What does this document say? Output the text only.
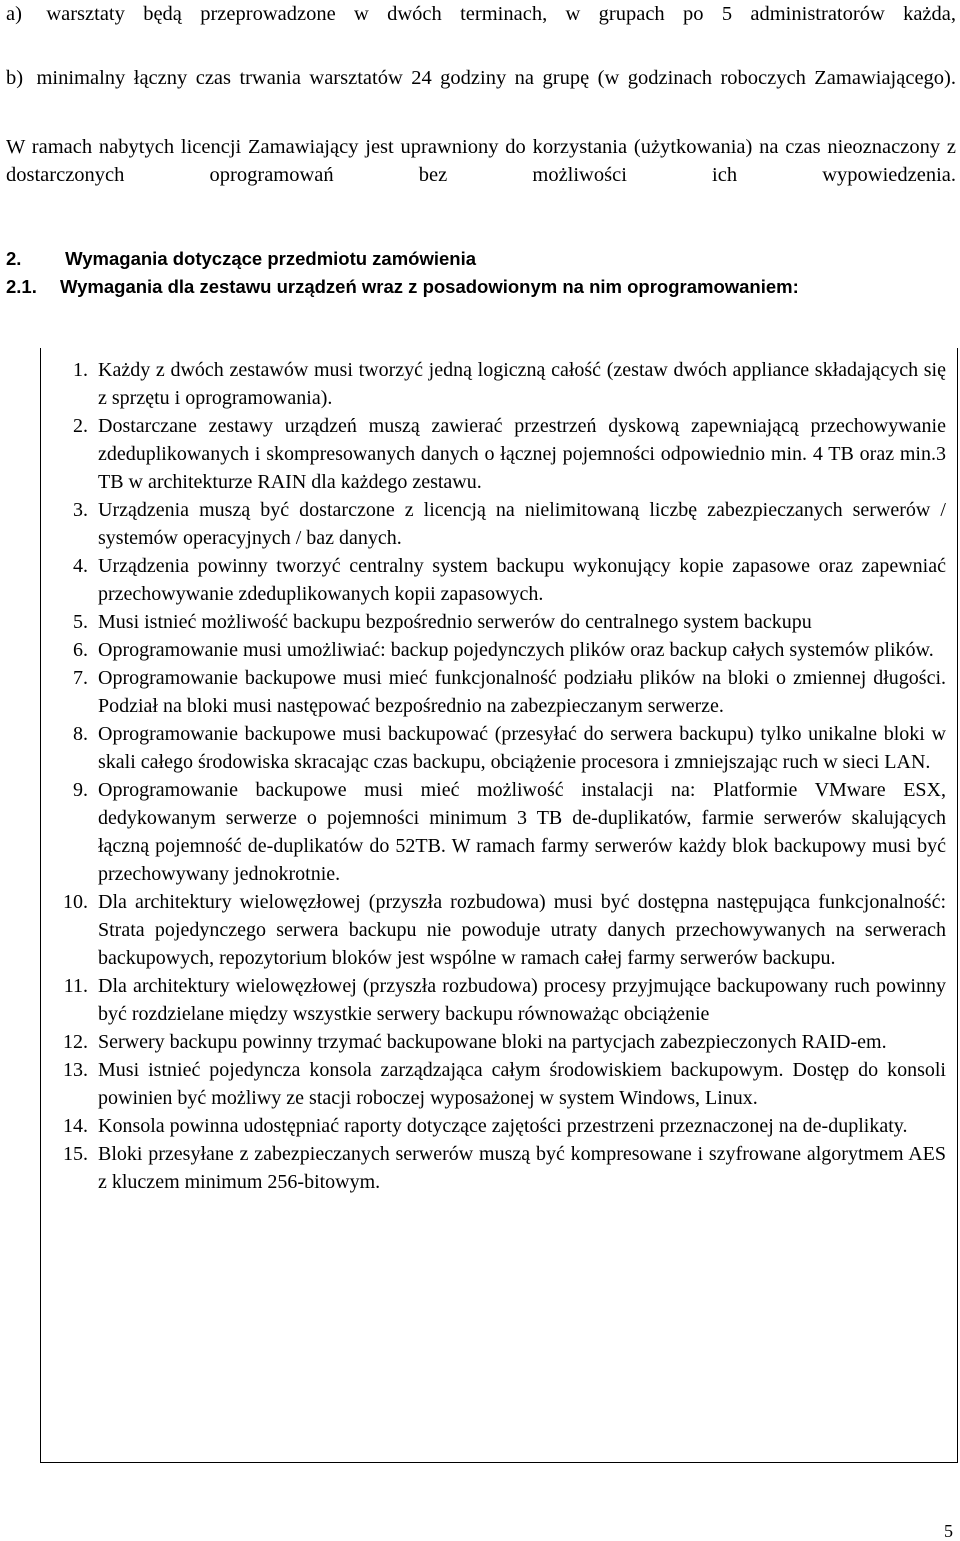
a) warsztaty będą przeprowadzone w dwóch terminach, w grupach po 5 administratorów każda,
b) minimalny łączny czas trwania warsztatów 24 godziny na grupę (w godzinach roboczych Zamawiającego).
W ramach nabytych licencji Zamawiający jest uprawniony do korzystania (użytkowania) na czas nieoznaczony z dostarczonych oprogramowań bez możliwości ich wypowiedzenia.
2. Wymagania dotyczące przedmiotu zamówienia
2.1.	Wymagania dla zestawu urządzeń wraz z posadowionym na nim oprogramowaniem:
1. Każdy z dwóch zestawów musi tworzyć jedną logiczną całość (zestaw dwóch appliance składających się z sprzętu i oprogramowania).
2. Dostarczane zestawy urządzeń muszą zawierać przestrzeń dyskową zapewniającą przechowywanie zdeduplikowanych i skompresowanych danych o łącznej pojemności odpowiednio min. 4 TB oraz min.3 TB w architekturze RAIN dla każdego zestawu.
3. Urządzenia muszą być dostarczone z licencją na nielimitowaną liczbę zabezpieczanych serwerów / systemów operacyjnych / baz danych.
4. Urządzenia powinny tworzyć centralny system backupu wykonujący kopie zapasowe oraz zapewniać przechowywanie zdeduplikowanych kopii zapasowych.
5. Musi istnieć możliwość backupu bezpośrednio serwerów do centralnego system backupu
6. Oprogramowanie musi umożliwiać: backup pojedynczych plików oraz backup całych systemów plików.
7. Oprogramowanie backupowe musi mieć funkcjonalność podziału plików na bloki o zmiennej długości. Podział na bloki musi następować bezpośrednio na zabezpieczanym serwerze.
8. Oprogramowanie backupowe musi backupować (przesyłać do serwera backupu) tylko unikalne bloki w skali całego środowiska skracając czas backupu, obciążenie procesora i zmniejszając ruch w sieci LAN.
9. Oprogramowanie backupowe musi mieć możliwość instalacji na: Platformie VMware ESX, dedykowanym serwerze o pojemności minimum 3 TB de-duplikatów, farmie serwerów skalujących łączną pojemność de-duplikatów do 52TB. W ramach farmy serwerów każdy blok backupowy musi być przechowywany jednokrotnie.
10. Dla architektury wielowęzłowej (przyszła rozbudowa) musi być dostępna następująca funkcjonalność: Strata pojedynczego serwera backupu nie powoduje utraty danych przechowywanych na serwerach backupowych, repozytorium bloków jest wspólne w ramach całej farmy serwerów backupu.
11. Dla architektury wielowęzłowej (przyszła rozbudowa) procesy przyjmujące backupowany ruch powinny być rozdzielane między wszystkie serwery backupu równoważąc obciążenie
12. Serwery backupu powinny trzymać backupowane bloki na partycjach zabezpieczonych RAID-em.
13. Musi istnieć pojedyncza konsola zarządzająca całym środowiskiem backupowym. Dostęp do konsoli powinien być możliwy ze stacji roboczej wyposażonej w system Windows, Linux.
14. Konsola powinna udostępniać raporty dotyczące zajętości przestrzeni przeznaczonej na de-duplikaty.
15. Bloki przesyłane z zabezpieczanych serwerów muszą być kompresowane i szyfrowane algorytmem AES z kluczem minimum 256-bitowym.
5
